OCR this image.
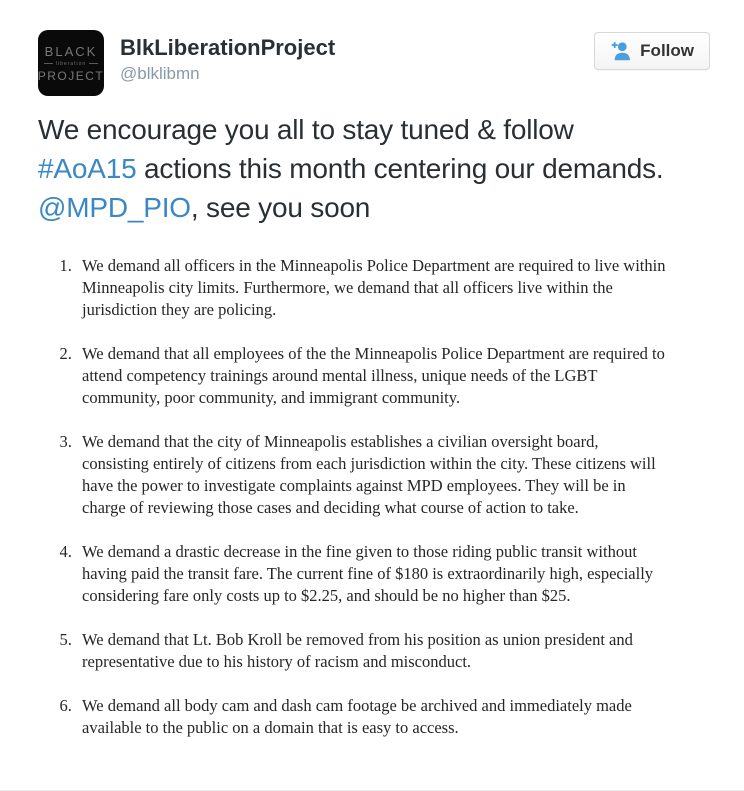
BLACK
liberation
PROJECT
BlkLiberationProject
@blklibmn
Follow
We encourage you all to stay tuned & follow #AoA15 actions this month centering our demands. @MPD_PIO, see you soon
1. We demand all officers in the Minneapolis Police Department are required to live within Minneapolis city limits. Furthermore, we demand that all officers live within the jurisdiction they are policing.
2. We demand that all employees of the the Minneapolis Police Department are required to attend competency trainings around mental illness, unique needs of the LGBT community, poor community, and immigrant community.
3. We demand that the city of Minneapolis establishes a civilian oversight board, consisting entirely of citizens from each jurisdiction within the city. These citizens will have the power to investigate complaints against MPD employees. They will be in charge of reviewing those cases and deciding what course of action to take.
4. We demand a drastic decrease in the fine given to those riding public transit without having paid the transit fare. The current fine of $180 is extraordinarily high, especially considering fare only costs up to $2.25, and should be no higher than $25.
5. We demand that Lt. Bob Kroll be removed from his position as union president and representative due to his history of racism and misconduct.
6. We demand all body cam and dash cam footage be archived and immediately made available to the public on a domain that is easy to access.
